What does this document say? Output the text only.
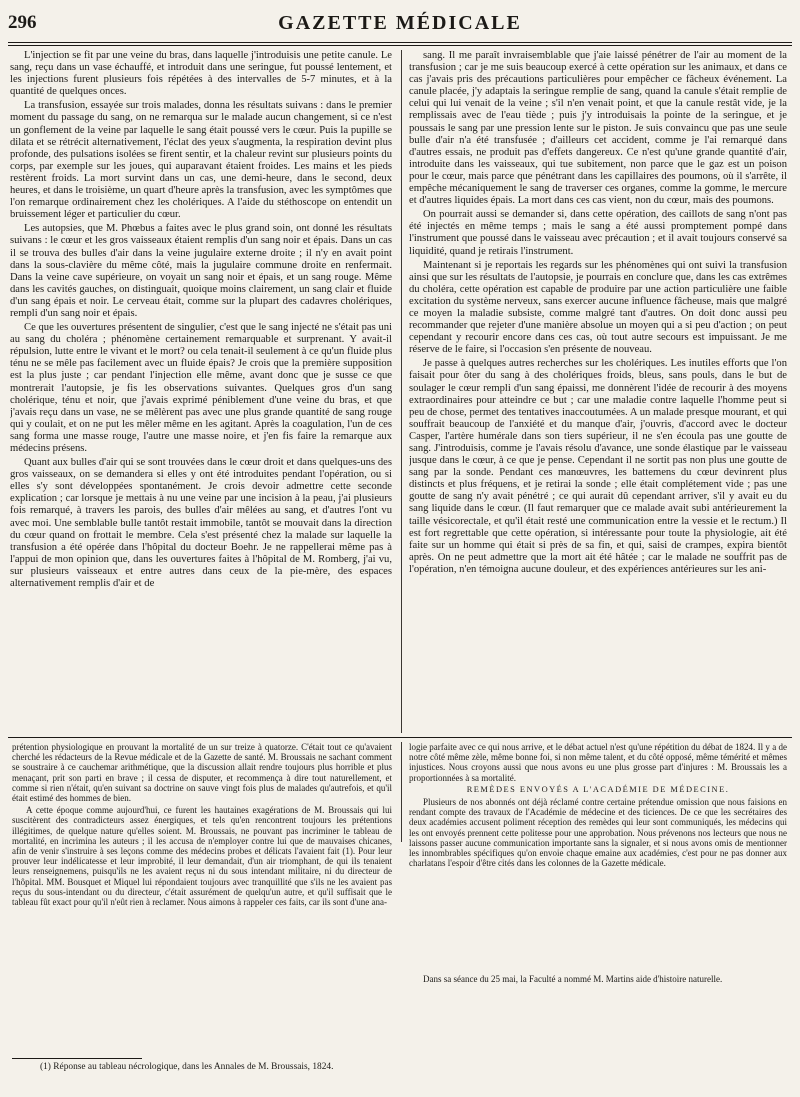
296	GAZETTE MÉDICALE

L'injection se fit par une veine du bras, dans laquelle j'introduisis une petite canule. Le sang, reçu dans un vase échauffé, et introduit dans une seringue, fut poussé lentement, et les injections furent plusieurs fois répétées à des intervalles de 5-7 minutes, et à la quantité de quelques onces.

La transfusion, essayée sur trois malades, donna les résultats suivans : dans le premier moment du passage du sang, on ne remarqua sur le malade aucun changement, si ce n'est un gonflement de la veine par laquelle le sang était poussé vers le cœur. Puis la pupille se dilata et se rétrécit alternativement, l'éclat des yeux s'augmenta, la respiration devint plus profonde, des pulsations isolées se firent sentir, et la chaleur revint sur plusieurs points du corps, par exemple sur les joues, qui auparavant étaient froides. Les mains et les pieds restèrent froids. La mort survint dans un cas, une demi-heure, dans le second, deux heures, et dans le troisième, un quart d'heure après la transfusion, avec les symptômes que l'on remarque ordinairement chez les cholériques. A l'aide du stéthoscope on entendit un bruissement léger et particulier du cœur.

Les autopsies, que M. Phœbus a faites avec le plus grand soin, ont donné les résultats suivans : le cœur et les gros vaisseaux étaient remplis d'un sang noir et épais. Dans un cas il se trouva des bulles d'air dans la veine jugulaire externe droite ; il n'y en avait point dans la sous-clavière du même côté, mais la jugulaire commune droite en renfermait. Dans la veine cave supérieure, on voyait un sang noir et épais, et un sang rouge. Même dans les cavités gauches, on distinguait, quoique moins clairement, un sang clair et fluide d'un sang épais et noir. Le cerveau était, comme sur la plupart des cadavres cholériques, rempli d'un sang noir et épais.

Ce que les ouvertures présentent de singulier, c'est que le sang injecté ne s'était pas uni au sang du choléra ; phénomène certainement remarquable et surprenant. Y avait-il répulsion, lutte entre le vivant et le mort? ou cela tenait-il seulement à ce qu'un fluide plus ténu ne se mêle pas facilement avec un fluide épais? Je crois que la première supposition est la plus juste ; car pendant l'injection elle même, avant donc que je susse ce que montrerait l'autopsie, je fis les observations suivantes. Quelques gros d'un sang cholérique, ténu et noir, que j'avais exprimé péniblement d'une veine du bras, et que j'avais reçu dans un vase, ne se mêlèrent pas avec une plus grande quantité de sang rouge qui y coulait, et on ne put les mêler même en les agitant. Après la coagulation, l'un de ces sang forma une masse rouge, l'autre une masse noire, et j'en fis faire la remarque aux médecins présens.

Quant aux bulles d'air qui se sont trouvées dans le cœur droit et dans quelques-uns des gros vaisseaux, on se demandera si elles y ont été introduites pendant l'opération, ou si elles s'y sont développées spontanément. Je crois devoir admettre cette seconde explication ; car lorsque je mettais à nu une veine par une incision à la peau, j'ai plusieurs fois remarqué, à travers les parois, des bulles d'air mêlées au sang, et d'autres l'ont vu avec moi. Une semblable bulle tantôt restait immobile, tantôt se mouvait dans la direction du cœur quand on frottait le membre. Cela s'est présenté chez la malade sur laquelle la transfusion a été opérée dans l'hôpital du docteur Boehr. Je ne rappellerai même pas à l'appui de mon opinion que, dans les ouvertures faites à l'hôpital de M. Romberg, j'ai vu, sur plusieurs vaisseaux et entre autres dans ceux de la pie-mère, des espaces alternativement remplis d'air et de

sang. Il me paraît invraisemblable que j'aie laissé pénétrer de l'air au moment de la transfusion ; car je me suis beaucoup exercé à cette opération sur les animaux, et dans ce cas j'avais pris des précautions particulières pour empêcher ce fâcheux événement. La canule placée, j'y adaptais la seringue remplie de sang, quand la canule s'était remplie de celui qui lui venait de la veine ; s'il n'en venait point, et que la canule restât vide, je la remplissais avec de l'eau tiède ; puis j'y introduisais la pointe de la seringue, et je poussais le sang par une pression lente sur le piston. Je suis convaincu que pas une seule bulle d'air n'a été transfusée ; d'ailleurs cet accident, comme je l'ai remarqué dans d'autres essais, ne produit pas d'effets dangereux. Ce n'est qu'une grande quantité d'air, introduite dans les vaisseaux, qui tue subitement, non parce que le gaz est un poison pour le cœur, mais parce que pénétrant dans les capillaires des poumons, où il s'arrête, il empêche mécaniquement le sang de traverser ces organes, comme la gomme, le mercure et d'autres liquides épais. La mort dans ces cas vient, non du cœur, mais des poumons.

On pourrait aussi se demander si, dans cette opération, des caillots de sang n'ont pas été injectés en même temps ; mais le sang a été aussi promptement pompé dans l'instrument que poussé dans le vaisseau avec précaution ; et il avait toujours conservé sa liquidité, quand je retirais l'instrument.

Maintenant si je reportais les regards sur les phénomènes qui ont suivi la transfusion ainsi que sur les résultats de l'autopsie, je pourrais en conclure que, dans les cas extrêmes du choléra, cette opération est capable de produire par une action particulière une faible excitation du système nerveux, sans exercer aucune influence fâcheuse, mais que malgré ce moyen la maladie subsiste, comme malgré tant d'autres. On doit donc aussi peu recommander que rejeter d'une manière absolue un moyen qui a si peu d'action ; on peut cependant y recourir encore dans ces cas, où tout autre secours est impuissant. Je me réserve de le faire, si l'occasion s'en présente de nouveau.

Je passe à quelques autres recherches sur les cholériques. Les inutiles efforts que l'on faisait pour ôter du sang à des cholériques froids, bleus, sans pouls, dans le but de soulager le cœur rempli d'un sang épaissi, me donnèrent l'idée de recourir à des moyens extraordinaires pour atteindre ce but ; car une maladie contre laquelle l'homme peut si peu de chose, permet des tentatives inaccoutumées. A un malade presque mourant, et qui souffrait beaucoup de l'anxiété et du manque d'air, j'ouvris, d'accord avec le docteur Casper, l'artère humérale dans son tiers supérieur, il ne s'en écoula pas une goutte de sang. J'introduisis, comme je l'avais résolu d'avance, une sonde élastique par le vaisseau jusque dans le cœur, à ce que je pense. Cependant il ne sortit pas non plus une goutte de sang par la sonde. Pendant ces manœuvres, les battemens du cœur devinrent plus distincts et plus fréquens, et je retirai la sonde ; elle était complétement vide ; pas une goutte de sang n'y avait pénétré ; ce qui aurait dû cependant arriver, s'il y avait eu du sang liquide dans le cœur. (Il faut remarquer que ce malade avait subi antérieurement la taille vésicorectale, et qu'il était resté une communication entre la vessie et le rectum.) Il est fort regrettable que cette opération, si intéressante pour toute la physiologie, ait été faite sur un homme qui était si près de sa fin, et qui, saisi de crampes, expira bientôt après. On ne peut admettre que la mort ait été hâtée ; car le malade ne souffrit pas de l'opération, n'en témoigna aucune douleur, et des expériences antérieures sur les ani-

prétention physiologique en prouvant la mortalité de un sur treize à quatorze. C'était tout ce qu'avaient cherché les rédacteurs de la Revue médicale et de la Gazette de santé. M. Broussais ne sachant comment se soustraire à ce cauchemar arithmétique, que la discussion allait rendre toujours plus horrible et plus menaçant, prit son parti en brave ; il cessa de disputer, et recommença à dire tout naturellement, et comme si rien n'était, qu'en suivant sa doctrine on sauve vingt fois plus de malades qu'autrefois, et qu'il était estimé des hommes de bien.

A cette époque comme aujourd'hui, ce furent les hautaines exagérations de M. Broussais qui lui suscitèrent des contradicteurs assez énergiques, et tels qu'en rencontrent toujours les prétentions illégitimes, de quelque nature qu'elles soient. M. Broussais, ne pouvant pas incriminer le tableau de mortalité, en incrimina les auteurs ; il les accusa de n'employer contre lui que de mauvaises chicanes, afin de venir s'instruire à ses leçons comme des médecins probes et délicats l'avaient fait (1). Pour leur prouver leur indélicatesse et leur improbité, il leur demandait, d'un air triomphant, de qui ils tenaient leurs renseignemens, puisqu'ils ne les avaient reçus ni du sous intendant militaire, ni du directeur de l'hôpital. MM. Bousquet et Miquel lui répondaient toujours avec tranquillité que s'ils ne les avaient pas reçus du sous-intendant ou du directeur, c'était assurément de quelqu'un autre, et qu'il suffisait que le tableau fût exact pour qu'il n'eût rien à reclamer. Nous aimons à rappeler ces faits, car ils sont d'une ana-

logie parfaite avec ce qui nous arrive, et le débat actuel n'est qu'une répétition du débat de 1824. Il y a de notre côté même zèle, même bonne foi, si non même talent, et du côté opposé, même témérité et mêmes injustices. Nous croyons aussi que nous avons eu une plus grosse part d'injures : M. Broussais les a proportionnées à sa mortalité.

REMÈDES ENVOYÉS A L'ACADÉMIE DE MÉDECINE.

Plusieurs de nos abonnés ont déjà réclamé contre certaine prétendue omission que nous faisions en rendant compte des travaux de l'Académie de médecine et des ticiences. De ce que les secrétaires des deux académies accusent poliment réception des remèdes qui leur sont communiqués, les médecins qui les ont envoyés prennent cette politesse pour une approbation. Nous prévenons nos lecteurs que nous ne laissons passer aucune communication importante sans la signaler, et si nous avons omis de mentionner les innombrables spécifiques qu'on envoie chaque emaine aux académies, c'est pour ne pas donner aux charlatans l'espoir d'être cités dans les colonnes de la Gazette médicale.

Dans sa séance du 25 mai, la Faculté a nommé M. Martins aide d'histoire naturelle.

(1) Réponse au tableau nécrologique, dans les Annales de M. Broussais, 1824.
